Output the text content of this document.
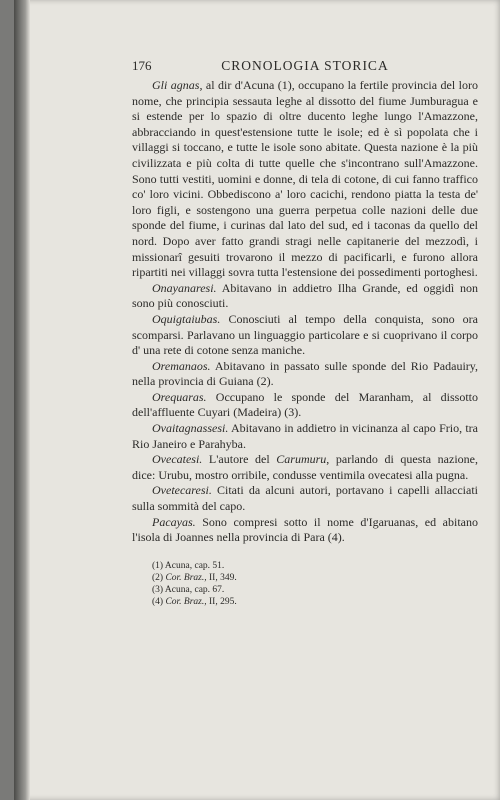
176	CRONOLOGIA STORICA

Gli agnas, al dir d'Acuna (1), occupano la fertile provincia del loro nome, che principia sessauta leghe al dissotto del fiume Jumburagua e si estende per lo spazio di oltre ducento leghe lungo l'Amazzone, abbracciando in quest'estensione tutte le isole; ed è sì popolata che i villaggi si toccano, e tutte le isole sono abitate. Questa nazione è la più civilizzata e più colta di tutte quelle che s'incontrano sull'Amazzone. Sono tutti vestiti, uomini e donne, di tela di cotone, di cui fanno traffico co' loro vicini. Obbediscono a' loro cacichi, rendono piatta la testa de' loro figli, e sostengono una guerra perpetua colle nazioni delle due sponde del fiume, i curinas dal lato del sud, ed i taconas da quello del nord. Dopo aver fatto grandi stragi nelle capitanerie del mezzodì, i missionarî gesuiti trovarono il mezzo di pacificarli, e furono allora ripartiti nei villaggi sovra tutta l'estensione dei possedimenti portoghesi.

Onayanaresi. Abitavano in addietro Ilha Grande, ed oggidì non sono più conosciuti.

Oquigtaiubas. Conosciuti al tempo della conquista, sono ora scomparsi. Parlavano un linguaggio particolare e si cuoprivano il corpo d' una rete di cotone senza maniche.

Oremanaos. Abitavano in passato sulle sponde del Rio Padauiry, nella provincia di Guiana (2).

Orequaras. Occupano le sponde del Maranham, al dissotto dell'affluente Cuyari (Madeira) (3).

Ovaitagnassesi. Abitavano in addietro in vicinanza al capo Frio, tra Rio Janeiro e Parahyba.

Ovecatesi. L'autore del Carumuru, parlando di questa nazione, dice: Urubu, mostro orribile, condusse ventimila ovecatesi alla pugna.

Ovetecaresi. Citati da alcuni autori, portavano i capelli allacciati sulla sommità del capo.

Pacayas. Sono compresi sotto il nome d'Igaruanas, ed abitano l'isola di Joannes nella provincia di Para (4).

(1) Acuna, cap. 51.
(2) Cor. Braz., II, 349.
(3) Acuna, cap. 67.
(4) Cor. Braz., II, 295.
